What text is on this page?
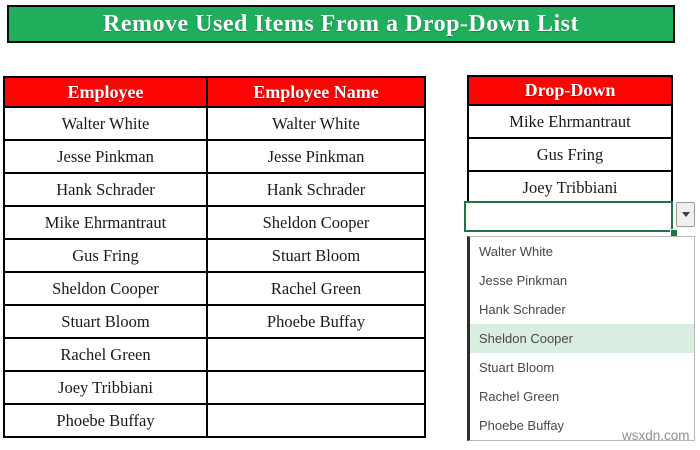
Remove Used Items From a Drop-Down List
Employee	Employee Name
Walter White	Walter White
Jesse Pinkman	Jesse Pinkman
Hank Schrader	Hank Schrader
Mike Ehrmantraut	Sheldon Cooper
Gus Fring	Stuart Bloom
Sheldon Cooper	Rachel Green
Stuart Bloom	Phoebe Buffay
Rachel Green	
Joey Tribbiani	
Phoebe Buffay	
Drop-Down
Mike Ehrmantraut
Gus Fring
Joey Tribbiani
Walter White
Jesse Pinkman
Hank Schrader
Sheldon Cooper
Stuart Bloom
Rachel Green
Phoebe Buffay
wsxdn.com
